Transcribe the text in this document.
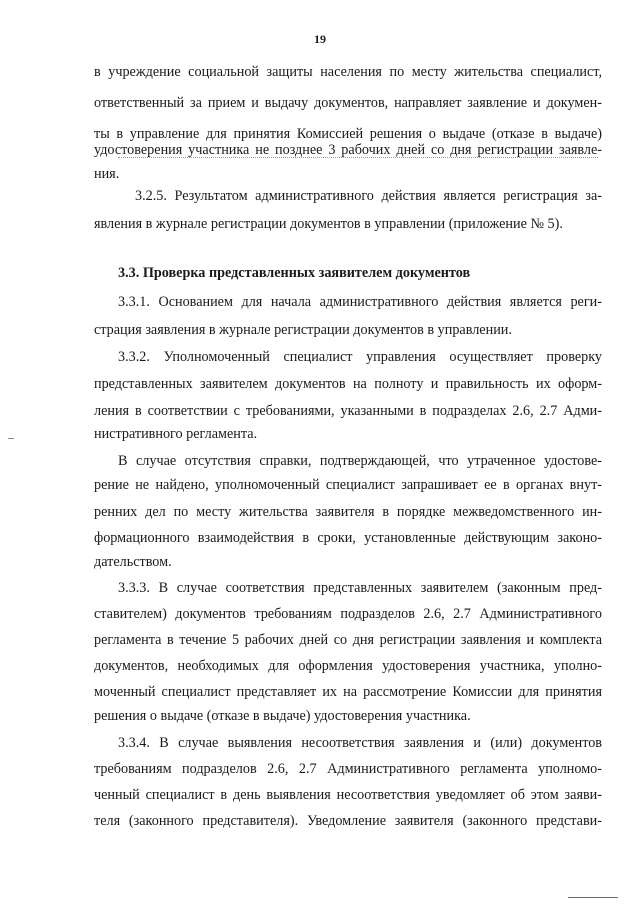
19
в учреждение социальной защиты населения по месту жительства специалист,
ответственный за прием и выдачу документов, направляет заявление и докумен-
ты в управление для принятия Комиссией решения о выдаче (отказе в выдаче)
удостоверения участника не позднее 3 рабочих дней со дня регистрации заявле-
ния.
3.2.5. Результатом административного действия является регистрация за-
явления в журнале регистрации документов в управлении (приложение № 5).
3.3. Проверка представленных заявителем документов
3.3.1. Основанием для начала административного действия является реги-
страция заявления в журнале регистрации документов в управлении.
3.3.2. Уполномоченный специалист управления осуществляет проверку
представленных заявителем документов на полноту и правильность их оформ-
ления в соответствии с требованиями, указанными в подразделах 2.6, 2.7 Адми-
нистративного регламента.
В случае отсутствия справки, подтверждающей, что утраченное удостове-
рение не найдено, уполномоченный специалист запрашивает ее в органах внут-
ренних дел по месту жительства заявителя в порядке межведомственного ин-
формационного взаимодействия в сроки, установленные действующим законо-
дательством.
3.3.3. В случае соответствия представленных заявителем (законным пред-
ставителем) документов требованиям подразделов 2.6, 2.7 Административного
регламента в течение 5 рабочих дней со дня регистрации заявления и комплекта
документов, необходимых для оформления удостоверения участника, уполно-
моченный специалист представляет их на рассмотрение Комиссии для принятия
решения о выдаче (отказе в выдаче) удостоверения участника.
3.3.4. В случае выявления несоответствия заявления и (или) документов
требованиям подразделов 2.6, 2.7 Административного регламента уполномо-
ченный специалист в день выявления несоответствия уведомляет об этом заяви-
теля (законного представителя). Уведомление заявителя (законного представи-
